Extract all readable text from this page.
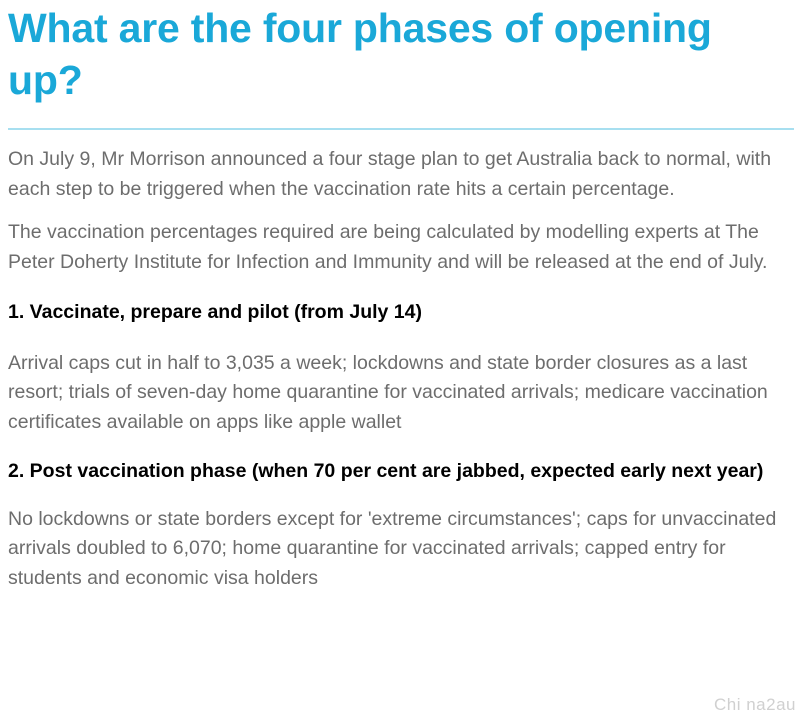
What are the four phases of opening up?

On July 9, Mr Morrison announced a four stage plan to get Australia back to normal, with each step to be triggered when the vaccination rate hits a certain percentage.

The vaccination percentages required are being calculated by modelling experts at The Peter Doherty Institute for Infection and Immunity and will be released at the end of July.

1. Vaccinate, prepare and pilot (from July 14)

Arrival caps cut in half to 3,035 a week; lockdowns and state border closures as a last resort; trials of seven-day home quarantine for vaccinated arrivals; medicare vaccination certificates available on apps like apple wallet

2. Post vaccination phase (when 70 per cent are jabbed, expected early next year)

No lockdowns or state borders except for 'extreme circumstances'; caps for unvaccinated arrivals doubled to 6,070; home quarantine for vaccinated arrivals; capped entry for students and economic visa holders

Chi na2au
